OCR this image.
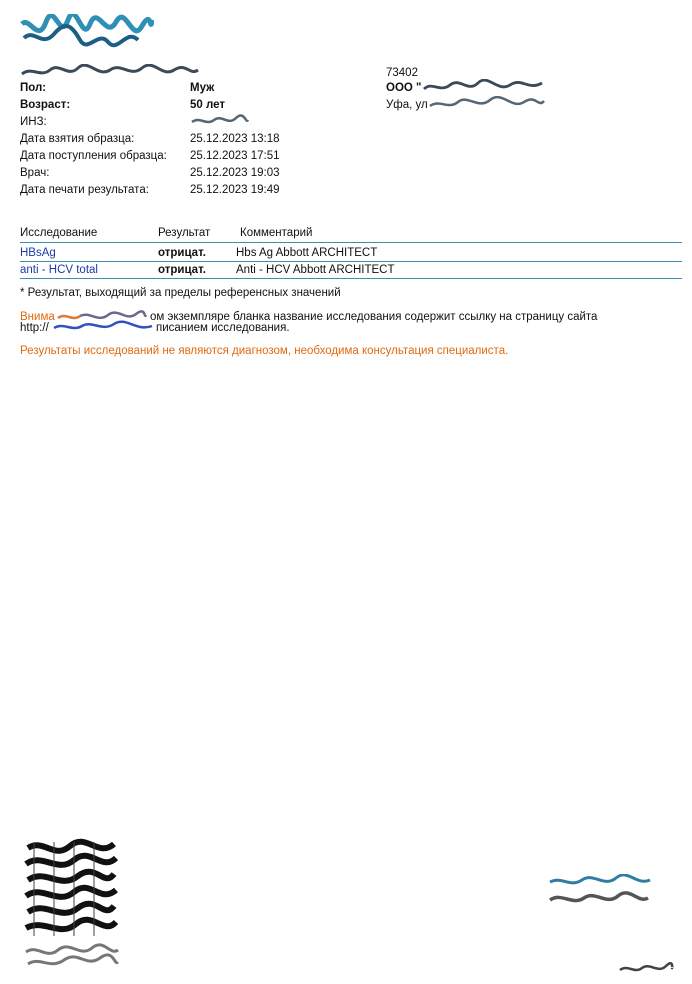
73402
Пол:	Муж
Возраст:	50 лет
ИНЗ:
Дата взятия образца:	25.12.2023 13:18
Дата поступления образца: 25.12.2023 17:51
Врач:	25.12.2023 19:03
Дата печати результата:	25.12.2023 19:49
ООО "
Уфа, ул
Исследование	Результат	Комментарий
HBsAg	отрицат.	Hbs Ag Abbott ARCHITECT
anti - HCV total	отрицат.	Anti - HCV Abbott ARCHITECT
* Результат, выходящий за пределы референсных значений
Внима	ом экземпляре бланка название исследования содержит ссылку на страницу сайта
http://	писанием исследования.
Результаты исследований не являются диагнозом, необходима консультация специалиста.
